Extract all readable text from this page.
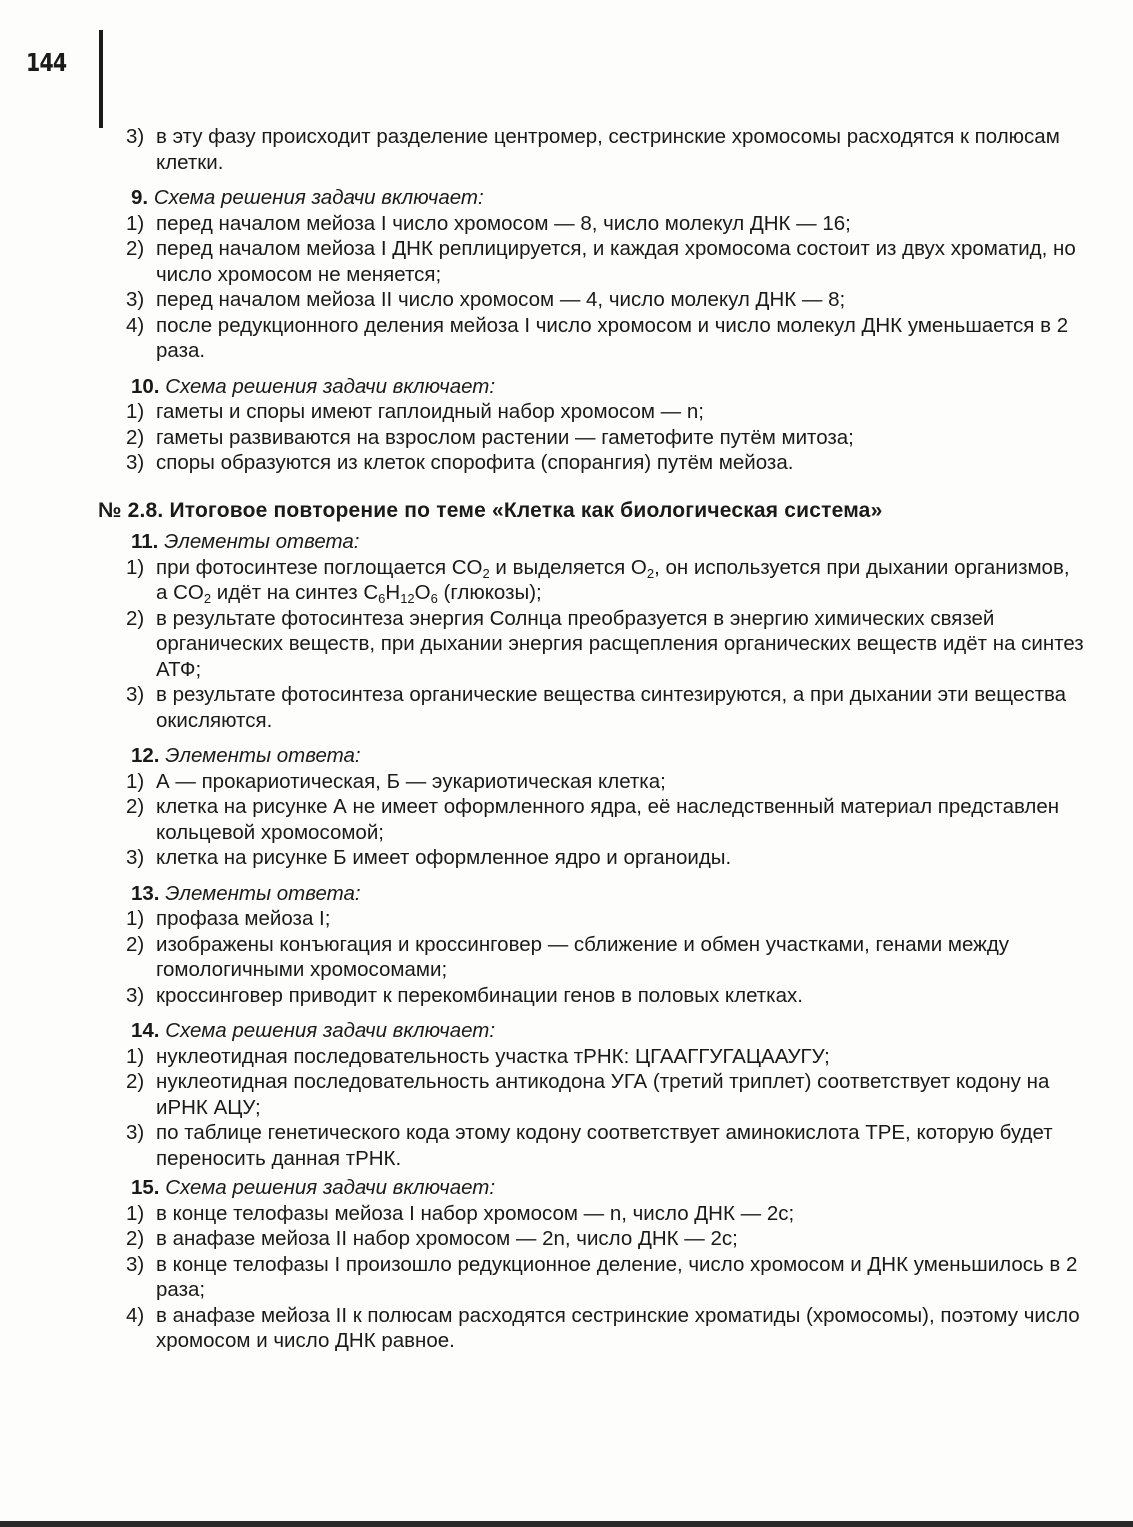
144
3) в эту фазу происходит разделение центромер, сестринские хромосомы расходятся к полюсам клетки.
9. Схема решения задачи включает:
1) перед началом мейоза I число хромосом — 8, число молекул ДНК — 16;
2) перед началом мейоза I ДНК реплицируется, и каждая хромосома состоит из двух хроматид, но число хромосом не меняется;
3) перед началом мейоза II число хромосом — 4, число молекул ДНК — 8;
4) после редукционного деления мейоза I число хромосом и число молекул ДНК уменьшается в 2 раза.
10. Схема решения задачи включает:
1) гаметы и споры имеют гаплоидный набор хромосом — n;
2) гаметы развиваются на взрослом растении — гаметофите путём митоза;
3) споры образуются из клеток спорофита (спорангия) путём мейоза.
№ 2.8. Итоговое повторение по теме «Клетка как биологическая система»
11. Элементы ответа:
1) при фотосинтезе поглощается $CO_2$ и выделяется $O_2$, он используется при дыхании организмов, а $CO_2$ идёт на синтез $C_6H_{12}O_6$ (глюкозы);
2) в результате фотосинтеза энергия Солнца преобразуется в энергию химических связей органических веществ, при дыхании энергия расщепления органических веществ идёт на синтез АТФ;
3) в результате фотосинтеза органические вещества синтезируются, а при дыхании эти вещества окисляются.
12. Элементы ответа:
1) А — прокариотическая, Б — эукариотическая клетка;
2) клетка на рисунке А не имеет оформленного ядра, её наследственный материал представлен кольцевой хромосомой;
3) клетка на рисунке Б имеет оформленное ядро и органоиды.
13. Элементы ответа:
1) профаза мейоза I;
2) изображены конъюгация и кроссинговер — сближение и обмен участками, генами между гомологичными хромосомами;
3) кроссинговер приводит к перекомбинации генов в половых клетках.
14. Схема решения задачи включает:
1) нуклеотидная последовательность участка тРНК: ЦГААГГУГАЦААУГУ;
2) нуклеотидная последовательность антикодона УГА (третий триплет) соответствует кодону на иРНК АЦУ;
3) по таблице генетического кода этому кодону соответствует аминокислота ТРЕ, которую будет переносить данная тРНК.
15. Схема решения задачи включает:
1) в конце телофазы мейоза I набор хромосом — n, число ДНК — 2c;
2) в анафазе мейоза II набор хромосом — 2n, число ДНК — 2c;
3) в конце телофазы I произошло редукционное деление, число хромосом и ДНК уменьшилось в 2 раза;
4) в анафазе мейоза II к полюсам расходятся сестринские хроматиды (хромосомы), поэтому число хромосом и число ДНК равное.
